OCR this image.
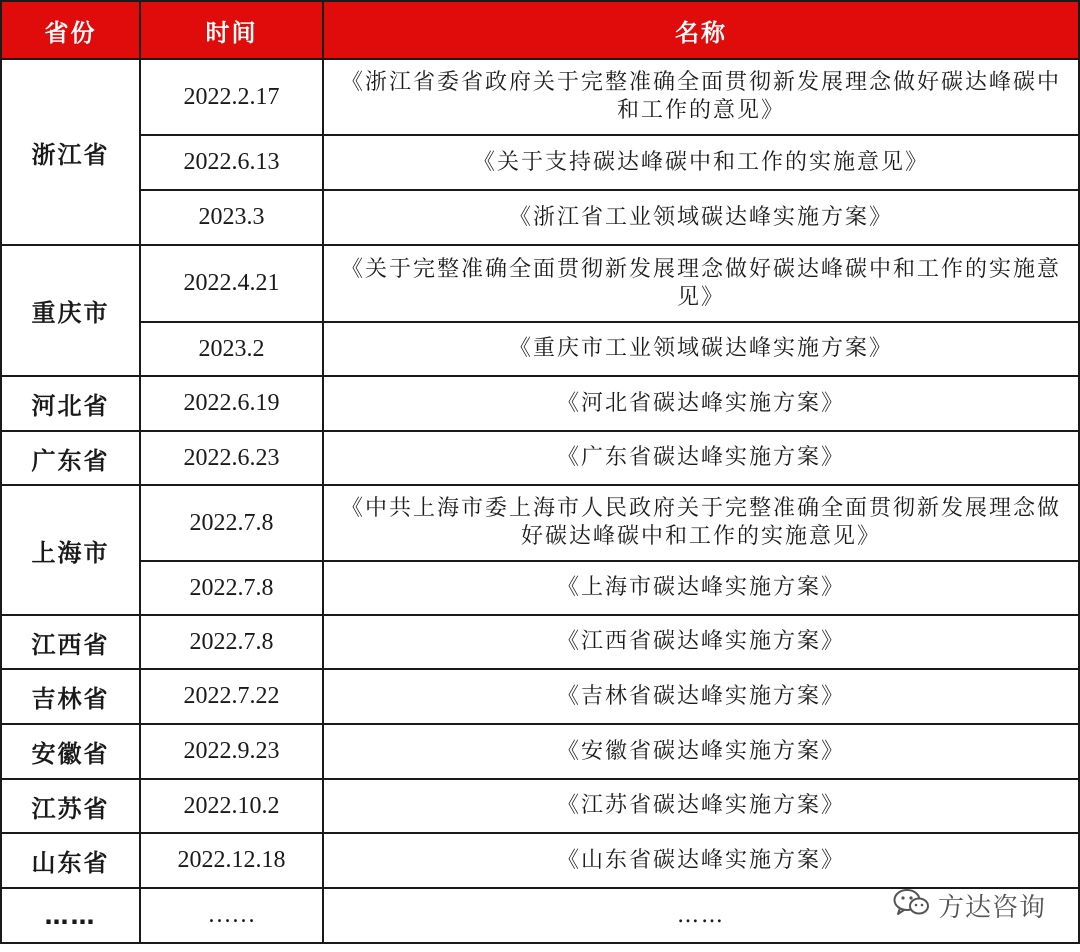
省份	时间	名称
浙江省	2022.2.17	《浙江省委省政府关于完整准确全面贯彻新发展理念做好碳达峰碳中和工作的意见》
	2022.6.13	《关于支持碳达峰碳中和工作的实施意见》
	2023.3	《浙江省工业领域碳达峰实施方案》
重庆市	2022.4.21	《关于完整准确全面贯彻新发展理念做好碳达峰碳中和工作的实施意见》
	2023.2	《重庆市工业领域碳达峰实施方案》
河北省	2022.6.19	《河北省碳达峰实施方案》
广东省	2022.6.23	《广东省碳达峰实施方案》
上海市	2022.7.8	《中共上海市委上海市人民政府关于完整准确全面贯彻新发展理念做好碳达峰碳中和工作的实施意见》
	2022.7.8	《上海市碳达峰实施方案》
江西省	2022.7.8	《江西省碳达峰实施方案》
吉林省	2022.7.22	《吉林省碳达峰实施方案》
安徽省	2022.9.23	《安徽省碳达峰实施方案》
江苏省	2022.10.2	《江苏省碳达峰实施方案》
山东省	2022.12.18	《山东省碳达峰实施方案》
……	……	……	方达咨询
